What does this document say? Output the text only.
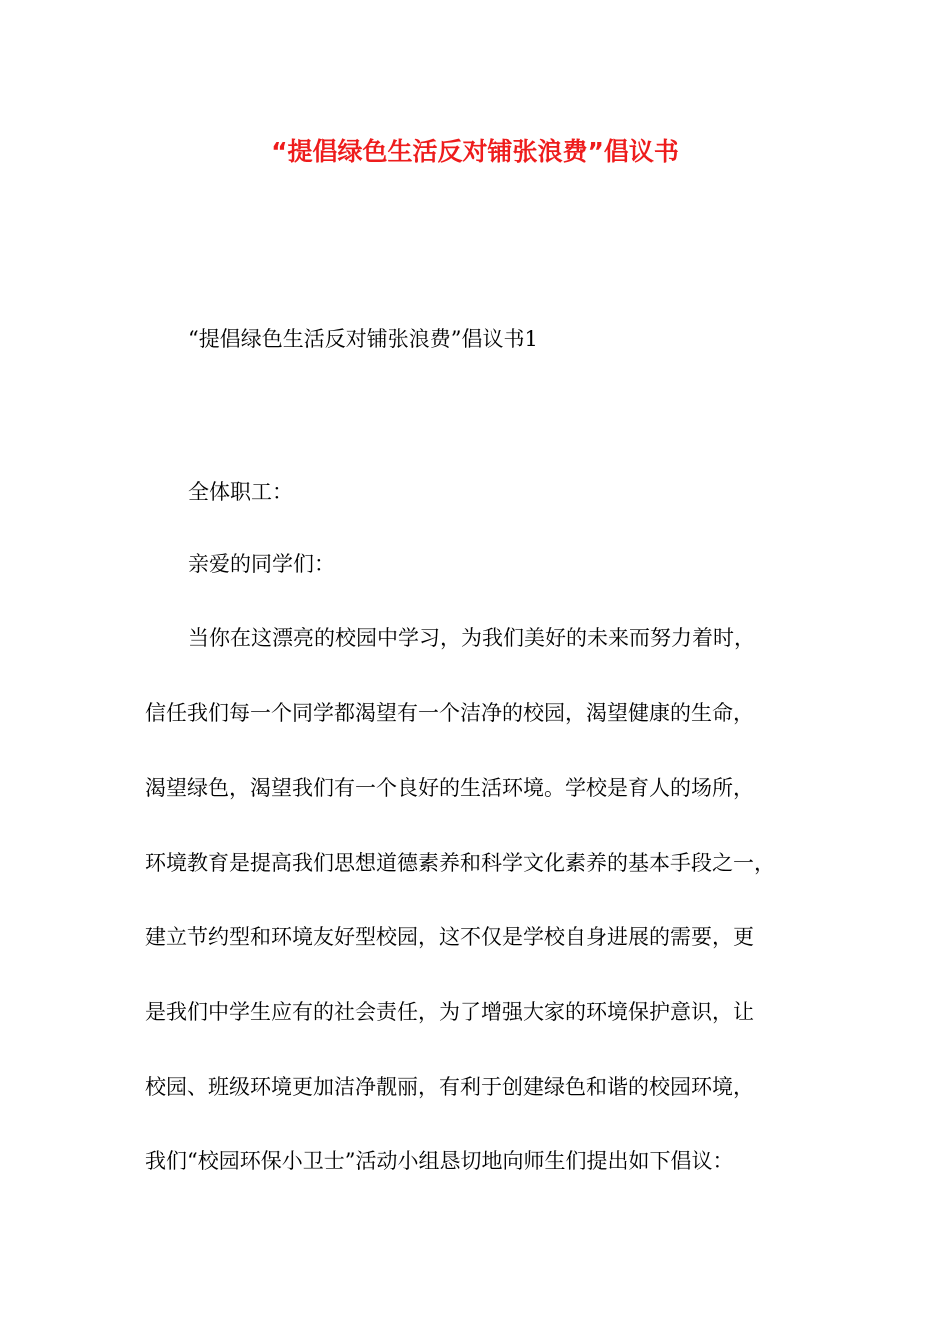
“提倡绿色生活反对铺张浪费”倡议书
“提倡绿色生活反对铺张浪费”倡议书1
全体职工：
亲爱的同学们：
当你在这漂亮的校园中学习，为我们美好的未来而努力着时，
信任我们每一个同学都渴望有一个洁净的校园，渴望健康的生命，
渴望绿色，渴望我们有一个良好的生活环境。学校是育人的场所，
环境教育是提高我们思想道德素养和科学文化素养的基本手段之一，
建立节约型和环境友好型校园，这不仅是学校自身进展的需要，更
是我们中学生应有的社会责任，为了增强大家的环境保护意识，让
校园、班级环境更加洁净靓丽，有利于创建绿色和谐的校园环境，
我们“校园环保小卫士”活动小组恳切地向师生们提出如下倡议：
